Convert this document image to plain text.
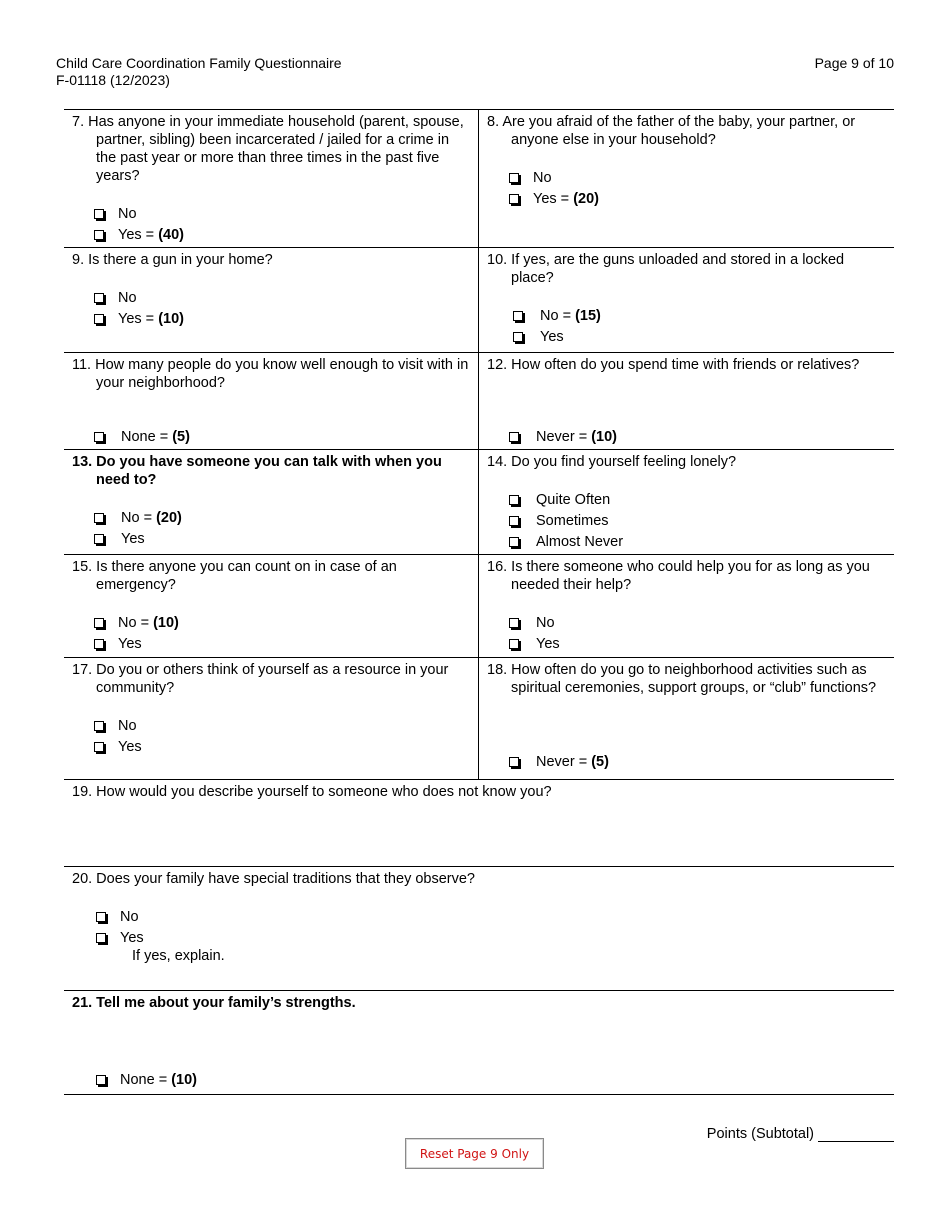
Child Care Coordination Family Questionnaire
F-01118 (12/2023)
Page 9 of 10
7. Has anyone in your immediate household (parent, spouse, partner, sibling) been incarcerated / jailed for a crime in the past year or more than three times in the past five years?
No
Yes =
(40)
8. Are you afraid of the father of the baby, your partner, or anyone else in your household?
No
Yes =
(20)
9. Is there a gun in your home?
No
Yes =
(10)
10. If yes, are the guns unloaded and stored in a locked place?
No =
(15)
Yes
11. How many people do you know well enough to visit with in your neighborhood?
None =
(5)
12. How often do you spend time with friends or relatives?
Never =
(10)
13. Do you have someone you can talk with when you need to?
No =
(20)
Yes
14. Do you find yourself feeling lonely?
Quite Often
Sometimes
Almost Never
15. Is there anyone you can count on in case of an emergency?
No =
(10)
Yes
16. Is there someone who could help you for as long as you needed their help?
No
Yes
17. Do you or others think of yourself as a resource in your community?
No
Yes
18. How often do you go to neighborhood activities such as spiritual ceremonies, support groups, or “club” functions?
Never =
(5)
19. How would you describe yourself to someone who does not know you?
20. Does your family have special traditions that they observe?
No
Yes
If yes, explain.
21. Tell me about your family’s strengths.
None =
(10)
Points (Subtotal)
Reset Page 9 Only
